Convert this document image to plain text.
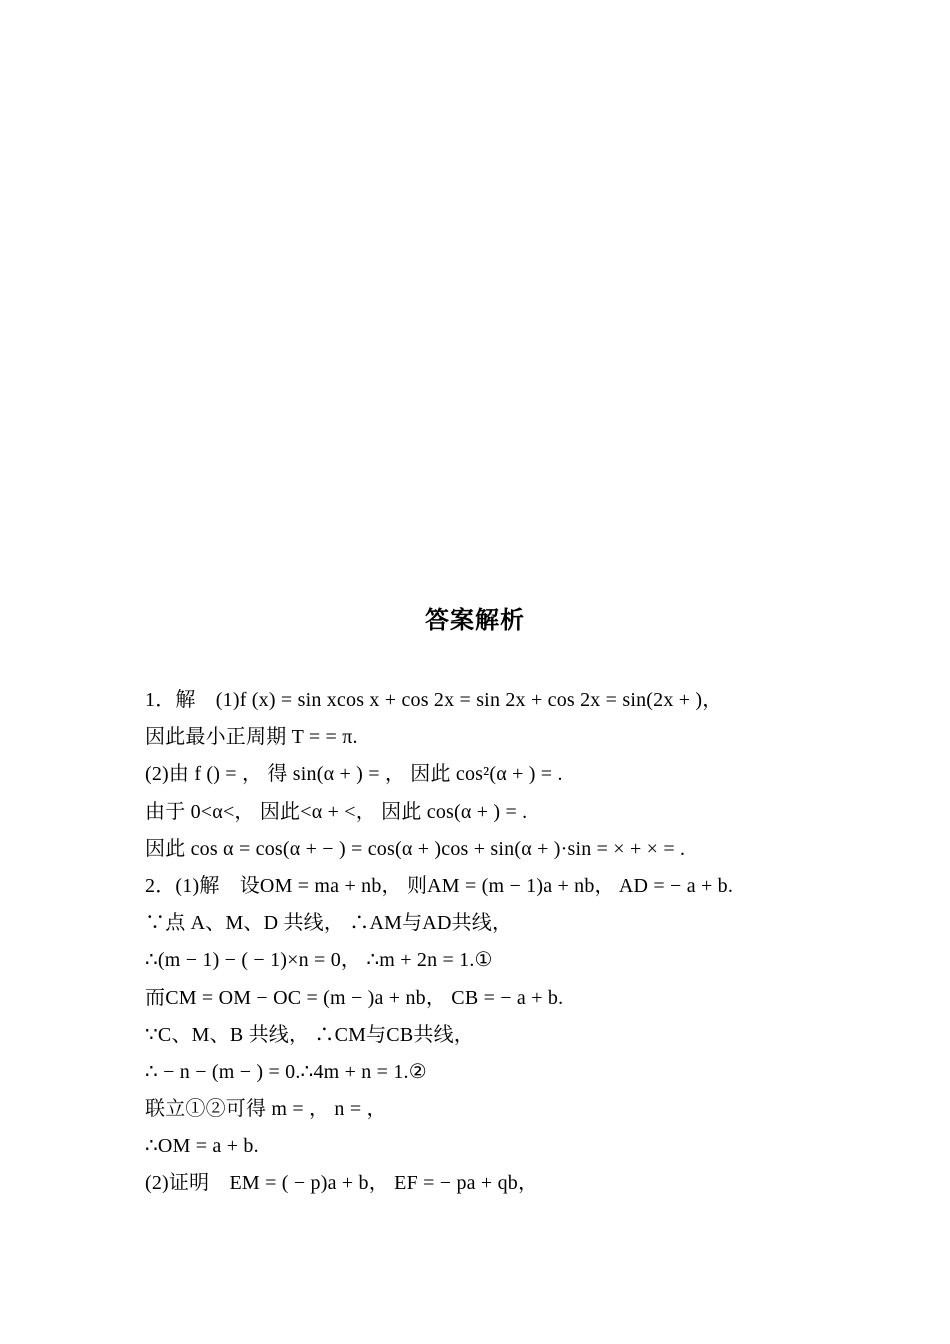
答案解析
1．解　(1)f (x) = sin xcos x + cos 2x = sin 2x + cos 2x = sin(2x + )，
因此最小正周期 T = = π.
(2)由 f () = ， 得 sin(α + ) = ， 因此 cos²(α + ) = .
由于 0<α<， 因此<α + <， 因此 cos(α + ) = .
因此 cos α = cos(α + − ) = cos(α + )cos + sin(α + )·sin = × + × = .
2．(1)解　设OM = ma + nb， 则AM = (m − 1)a + nb， AD = − a + b.
∵点 A、M、D 共线， ∴AM与AD共线，
∴(m − 1) − ( − 1)×n = 0， ∴m + 2n = 1.①
而CM = OM − OC = (m − )a + nb， CB = − a + b.
∵C、M、B 共线， ∴CM与CB共线，
∴ − n − (m − ) = 0.∴4m + n = 1.②
联立①②可得 m = ， n = ，
∴OM = a + b.
(2)证明　EM = ( − p)a + b， EF = − pa + qb，
